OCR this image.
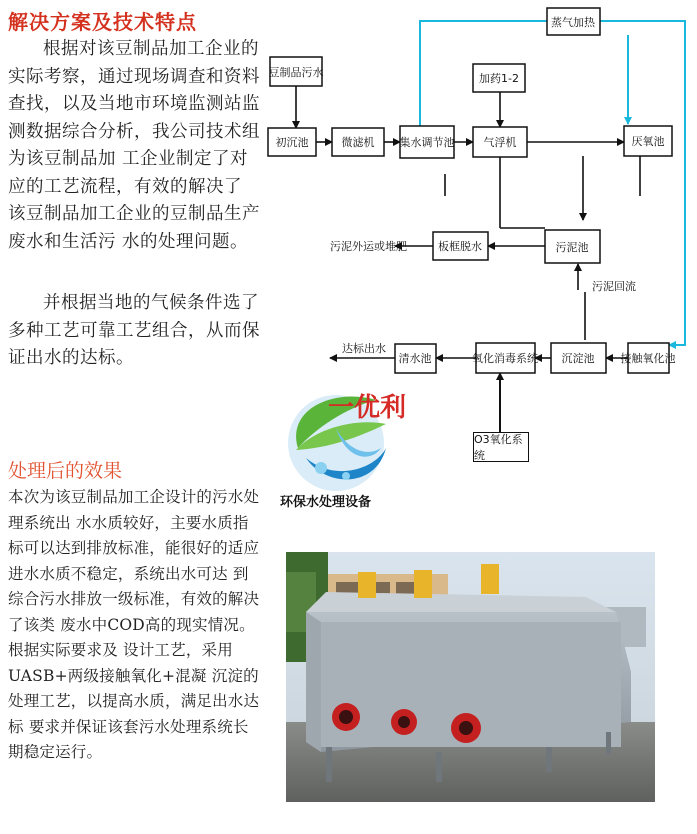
解决方案及技术特点

根据对该豆制品加工企业的实际考察，通过现场调查和资料查找，以及当地市环境监测站监 测数据综合分析，我公司技术组为该豆制品加 工企业制定了对应的工艺流程，有效的解决了 该豆制品加工企业的豆制品生产废水和生活污 水的处理问题。

并根据当地的气候条件选了多种工艺可靠工艺组合，从而保证出水的达标。

蒸气加热
豆制品污水	加药1-2
初沉池	微滤机 集水调节池	气浮机	厌氧池
板框脱水	污泥池
清水池	氧化消毒系统 沉淀池 接触氧化池
污泥外运或堆肥
污泥回流
达标出水
O3氧化系统
一优利
环保水处理设备
处理后的效果

本次为该豆制品加工企设计的污水处理系统出 水水质较好，主要水质指标可以达到排放标准，能很好的适应进水水质不稳定，系统出水可达 到综合污水排放一级标准，有效的解决了该类 废水中COD高的现实情况。根据实际要求及 设计工艺，采用UASB+两级接触氧化+混凝 沉淀的处理工艺，以提高水质，满足出水达标 要求并保证该套污水处理系统长期稳定运行。
